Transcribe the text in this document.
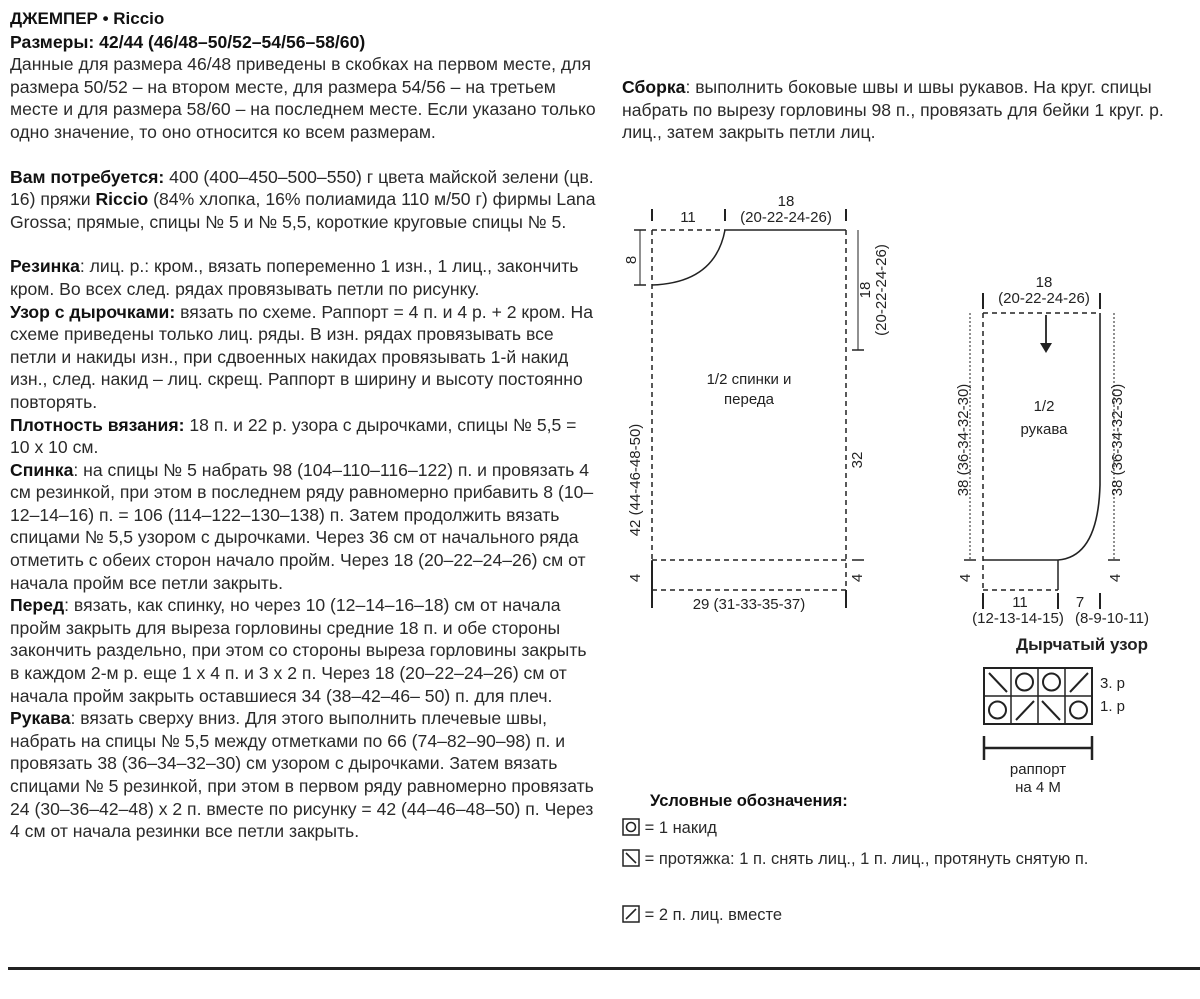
ДЖЕМПЕР • Riccio

Размеры: 42/44 (46/48–50/52–54/56–58/60)

Данные для размера 46/48 приведены в скобках на первом месте, для размера 50/52 – на втором месте, для размера 54/56 – на третьем месте и для размера 58/60 – на последнем месте. Если указано только одно значение, то оно относится ко всем размерам.

Вам потребуется: 400 (400–450–500–550) г цвета майской зелени (цв. 16) пряжи Riccio (84% хлопка, 16% полиамида 110 м/50 г) фирмы Lana Grossa; прямые, спицы № 5 и № 5,5, короткие круговые спицы № 5.

Резинка: лиц. р.: кром., вязать попеременно 1 изн., 1 лиц., закончить кром. Во всех след. рядах провязывать петли по рисунку.

Узор с дырочками: вязать по схеме. Раппорт = 4 п. и 4 р. + 2 кром. На схеме приведены только лиц. ряды. В изн. рядах провязывать все петли и накиды изн., при сдвоенных накидах провязывать 1-й накид изн., след. накид – лиц. скрещ. Раппорт в ширину и высоту постоянно повторять.

Плотность вязания: 18 п. и 22 р. узора с дырочками, спицы № 5,5 = 10 х 10 см.

Спинка: на спицы № 5 набрать 98 (104–110–116–122) п. и провязать 4 см резинкой, при этом в последнем ряду равномерно прибавить 8 (10–12–14–16) п. = 106 (114–122–130–138) п. Затем продолжить вязать спицами № 5,5 узором с дырочками. Через 36 см от начального ряда отметить с обеих сторон начало пройм. Через 18 (20–22–24–26) см от начала пройм все петли закрыть.

Перед: вязать, как спинку, но через 10 (12–14–16–18) см от начала пройм закрыть для выреза горловины средние 18 п. и обе стороны закончить раздельно, при этом со стороны выреза горловины закрыть в каждом 2-м р. еще 1 х 4 п. и 3 х 2 п. Через 18 (20–22–24–26) см от начала пройм закрыть оставшиеся 34 (38–42–46– 50) п. для плеч.

Рукава: вязать сверху вниз. Для этого выполнить плечевые швы, набрать на спицы № 5,5 между отметками по 66 (74–82–90–98) п. и провязать 38 (36–34–32–30) см узором с дырочками. Затем вязать спицами № 5 резинкой, при этом в первом ряду равномерно провязать 24 (30–36–42–48) х 2 п. вместе по рисунку = 42 (44–46–48–50) п. Через 4 см от начала резинки все петли закрыть.

Сборка: выполнить боковые швы и швы рукавов. На круг. спицы набрать по вырезу горловины 98 п., провязать для бейки 1 круг. р. лиц., затем закрыть петли лиц.

11
18
(20-22-24-26)
8
42 (44-46-48-50)
4
18 (20-22-24-26)
32
4
29 (31-33-35-37)
1/2 спинки и
переда
18
(20-22-24-26)
38 (36-34-32-30)
4
38 (36-34-32-30)
4
11
(12-13-14-15)
7
(8-9-10-11)
1/2
рукава
Дырчатый узор
3. р
1. р
раппорт
на 4 М
Условные обозначения:
= 1 накид
= протяжка: 1 п. снять лиц., 1 п. лиц., протянуть снятую п.
= 2 п. лиц. вместе
